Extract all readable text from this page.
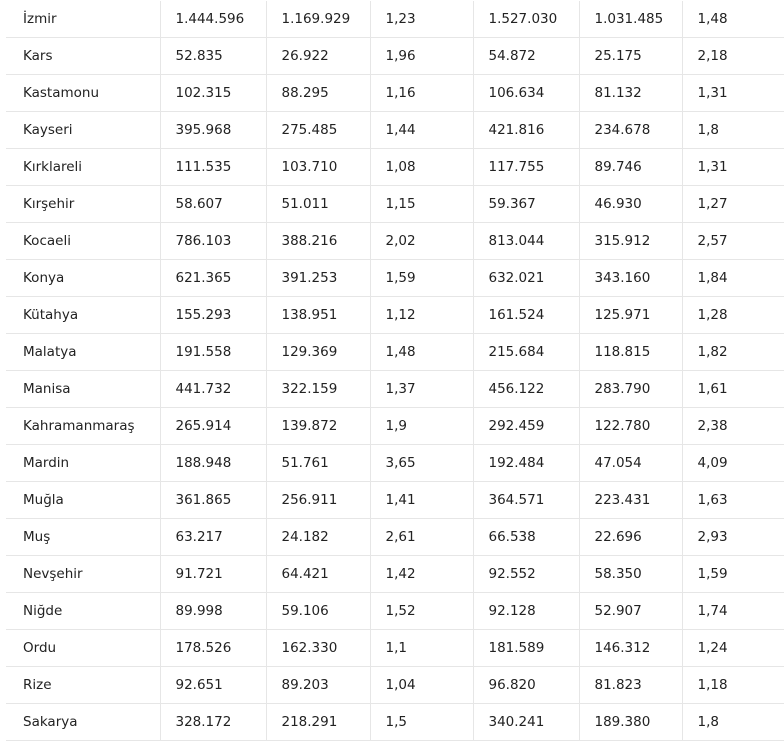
İzmir	1.444.596	1.169.929	1,23	1.527.030	1.031.485	1,48
Kars	52.835	26.922	1,96	54.872	25.175	2,18
Kastamonu	102.315	88.295	1,16	106.634	81.132	1,31
Kayseri	395.968	275.485	1,44	421.816	234.678	1,8
Kırklareli	111.535	103.710	1,08	117.755	89.746	1,31
Kırşehir	58.607	51.011	1,15	59.367	46.930	1,27
Kocaeli	786.103	388.216	2,02	813.044	315.912	2,57
Konya	621.365	391.253	1,59	632.021	343.160	1,84
Kütahya	155.293	138.951	1,12	161.524	125.971	1,28
Malatya	191.558	129.369	1,48	215.684	118.815	1,82
Manisa	441.732	322.159	1,37	456.122	283.790	1,61
Kahramanmaraş	265.914	139.872	1,9	292.459	122.780	2,38
Mardin	188.948	51.761	3,65	192.484	47.054	4,09
Muğla	361.865	256.911	1,41	364.571	223.431	1,63
Muş	63.217	24.182	2,61	66.538	22.696	2,93
Nevşehir	91.721	64.421	1,42	92.552	58.350	1,59
Niğde	89.998	59.106	1,52	92.128	52.907	1,74
Ordu	178.526	162.330	1,1	181.589	146.312	1,24
Rize	92.651	89.203	1,04	96.820	81.823	1,18
Sakarya	328.172	218.291	1,5	340.241	189.380	1,8
